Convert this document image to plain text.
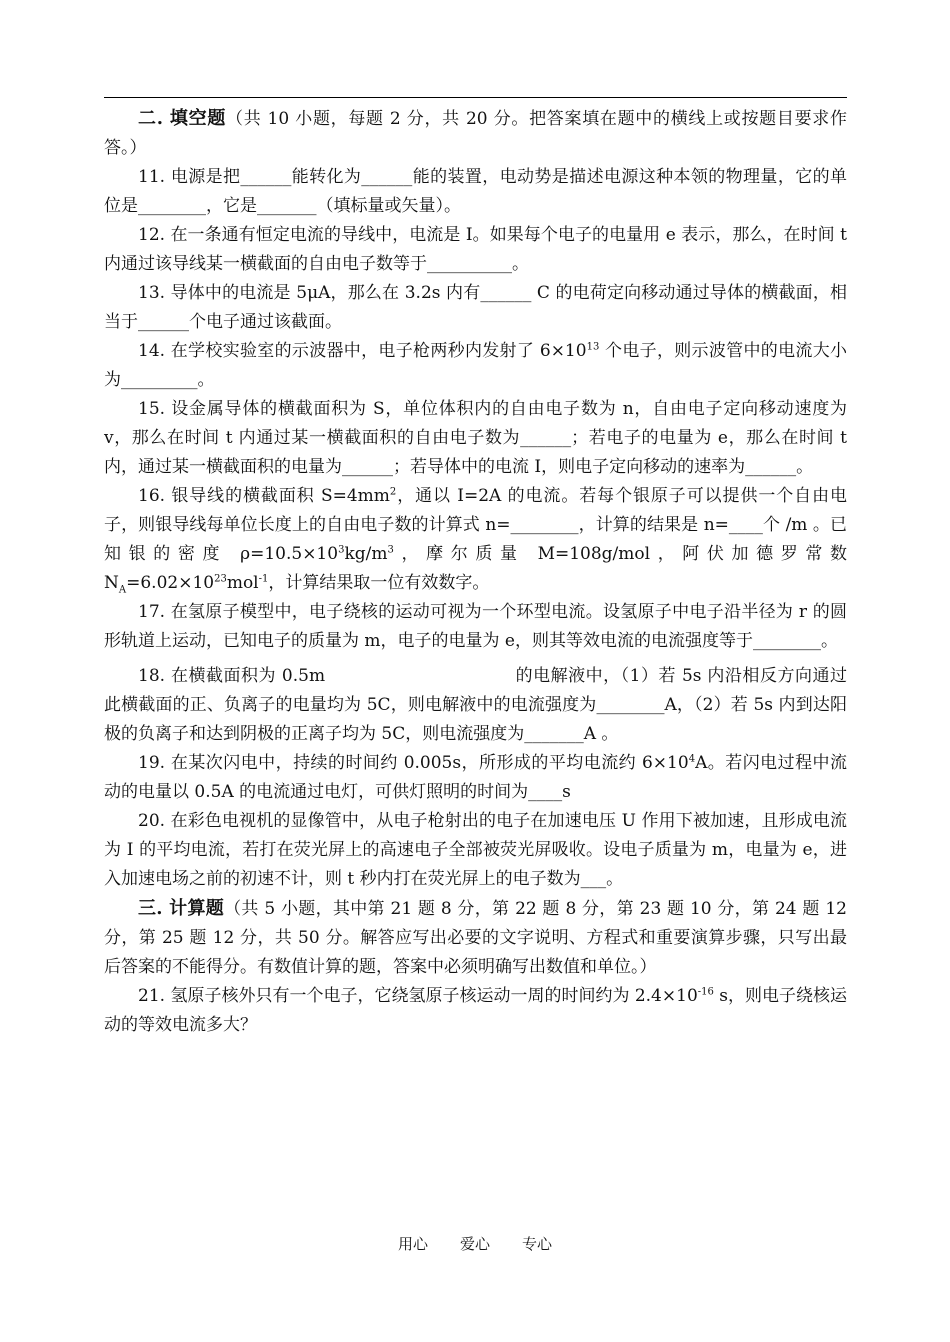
二. 填空题（共 10 小题，每题 2 分，共 20 分。把答案填在题中的横线上或按题目要求作答。）

11. 电源是把______能转化为______能的装置，电动势是描述电源这种本领的物理量，它的单位是________，它是_______（填标量或矢量）。

12. 在一条通有恒定电流的导线中，电流是 I。如果每个电子的电量用 e 表示，那么，在时间 t 内通过该导线某一横截面的自由电子数等于__________。

13. 导体中的电流是 5μA，那么在 3.2s 内有______ C 的电荷定向移动通过导体的横截面，相当于______个电子通过该截面。

14. 在学校实验室的示波器中，电子枪两秒内发射了 $6\times 10^{13}$ 个电子，则示波管中的电流大小为_________。

15. 设金属导体的横截面积为 S，单位体积内的自由电子数为 n，自由电子定向移动速度为 v，那么在时间 t 内通过某一横截面积的自由电子数为______；若电子的电量为 e，那么在时间 t 内，通过某一横截面积的电量为______；若导体中的电流 I，则电子定向移动的速率为______。

16. 银导线的横截面积 $S=4mm^2$，通以 I=2A 的电流。若每个银原子可以提供一个自由电子，则银导线每单位长度上的自由电子数的计算式 n=________，计算的结果是 n=____个 /m 。已知银的密度 $\rho=10.5\times 10^3kg/m^3$，摩尔质量 M=108g/mol，阿伏加德罗常数 $N_A=6.02\times 10^{23}mol^{-1}$，计算结果取一位有效数字。

17. 在氢原子模型中，电子绕核的运动可视为一个环型电流。设氢原子中电子沿半径为 r 的圆形轨道上运动，已知电子的质量为 m，电子的电量为 e，则其等效电流的电流强度等于________。

18. 在横截面积为 0.5m	的电解液中，（1）若 5s 内沿相反方向通过此横截面的正、负离子的电量均为 5C，则电解液中的电流强度为________A，（2）若 5s 内到达阳极的负离子和达到阴极的正离子均为 5C，则电流强度为_______A 。

19. 在某次闪电中，持续的时间约 0.005s，所形成的平均电流约 $6\times 10^4A$。若闪电过程中流动的电量以 0.5A 的电流通过电灯，可供灯照明的时间为____s

20. 在彩色电视机的显像管中，从电子枪射出的电子在加速电压 U 作用下被加速，且形成电流为 I 的平均电流，若打在荧光屏上的高速电子全部被荧光屏吸收。设电子质量为 m，电量为 e，进入加速电场之前的初速不计，则 t 秒内打在荧光屏上的电子数为___。

三. 计算题（共 5 小题，其中第 21 题 8 分，第 22 题 8 分，第 23 题 10 分，第 24 题 12 分，第 25 题 12 分，共 50 分。解答应写出必要的文字说明、方程式和重要演算步骤，只写出最后答案的不能得分。有数值计算的题，答案中必须明确写出数值和单位。）

21. 氢原子核外只有一个电子，它绕氢原子核运动一周的时间约为 $2.4\times 10^{-16}$ s，则电子绕核运动的等效电流多大？

用心 爱心 专心
